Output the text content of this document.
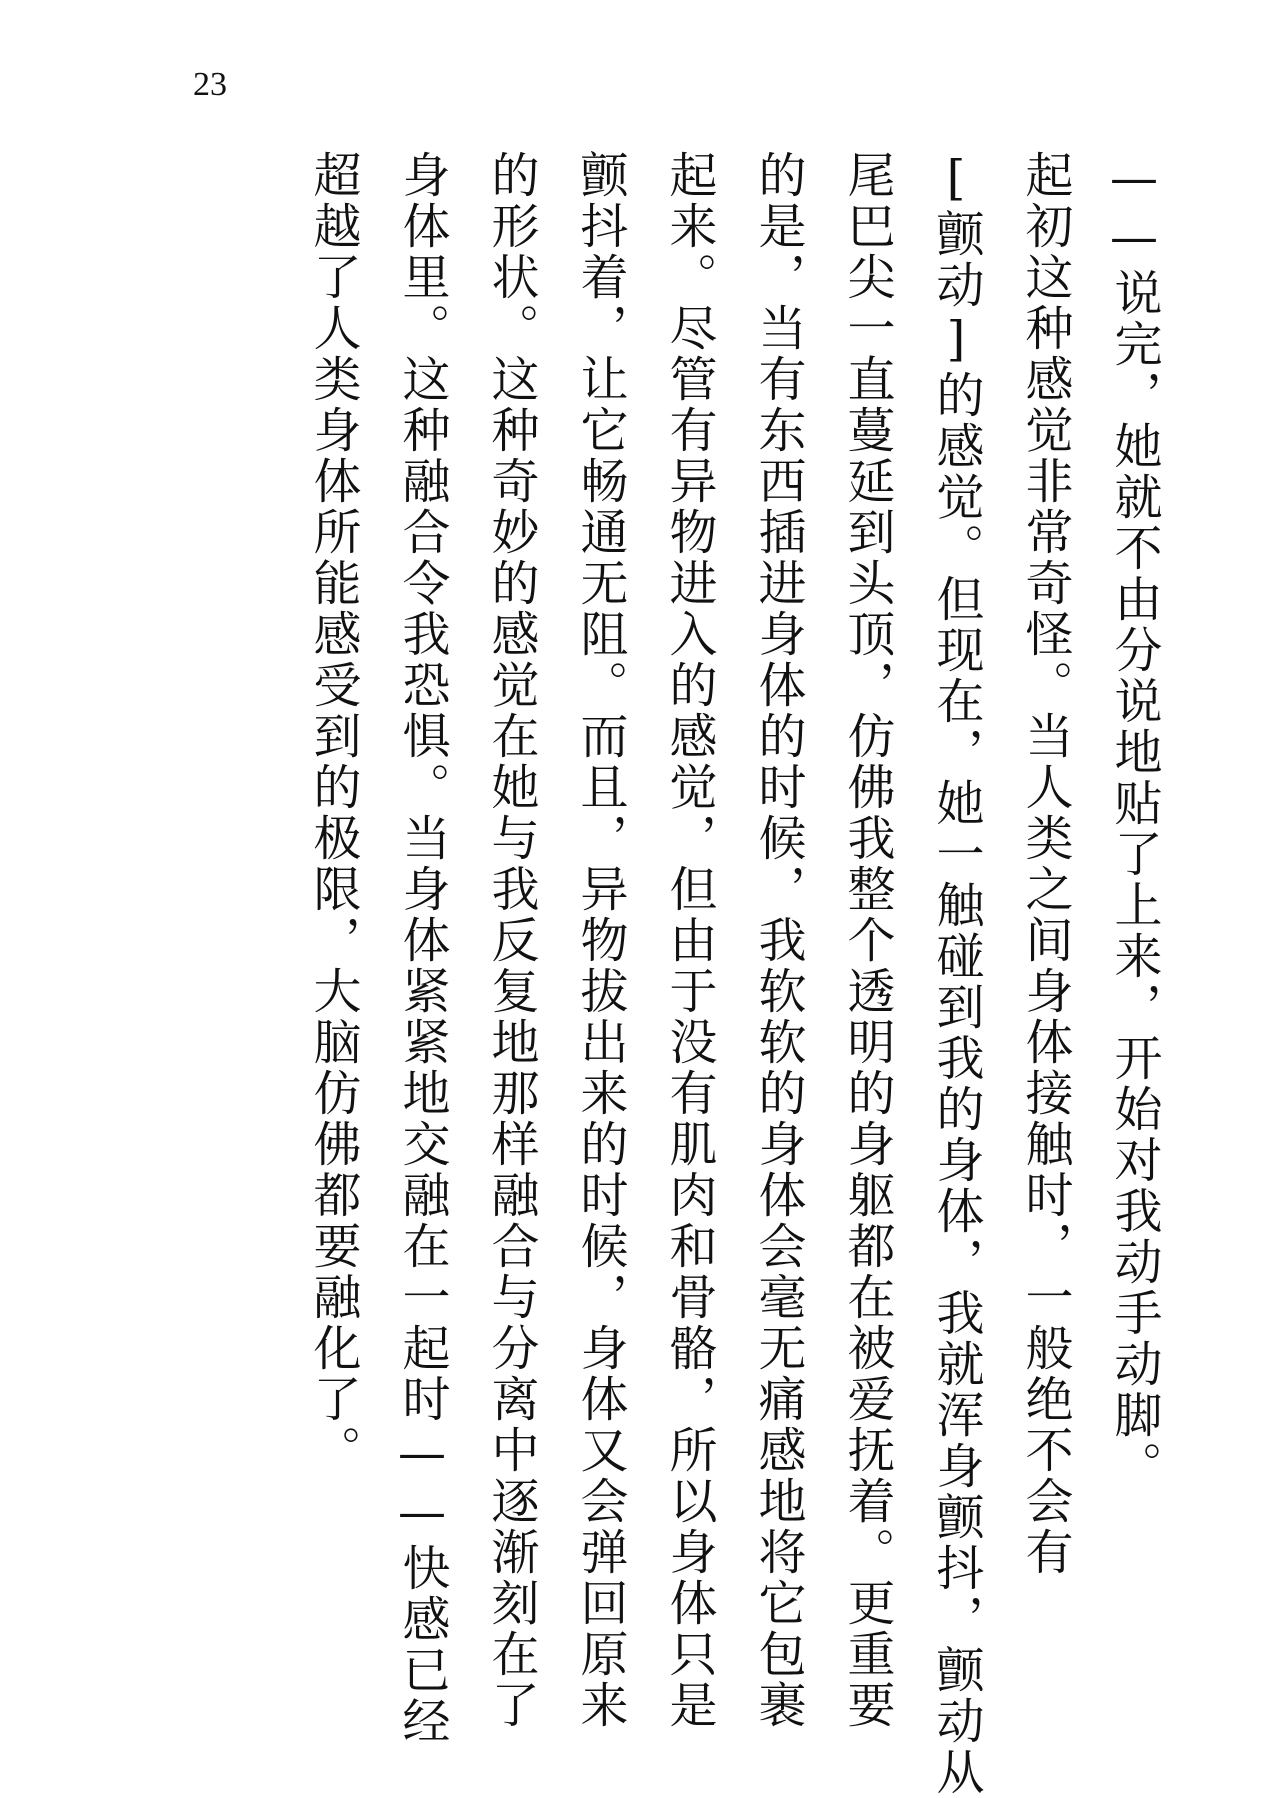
23
——说完，她就不由分说地贴了上来，开始对我动手动脚。
起初这种感觉非常奇怪。当人类之间身体接触时，一般绝不会有
[颤动]的感觉。但现在，她一触碰到我的身体，我就浑身颤抖，颤动从
尾巴尖一直蔓延到头顶，仿佛我整个透明的身躯都在被爱抚着。更重要
的是，当有东西插进身体的时候，我软软的身体会毫无痛感地将它包裹
起来。尽管有异物进入的感觉，但由于没有肌肉和骨骼，所以身体只是
颤抖着，让它畅通无阻。而且，异物拔出来的时候，身体又会弹回原来
的形状。这种奇妙的感觉在她与我反复地那样融合与分离中逐渐刻在了
身体里。这种融合令我恐惧。当身体紧紧地交融在一起时——快感已经
超越了人类身体所能感受到的极限，大脑仿佛都要融化了。
